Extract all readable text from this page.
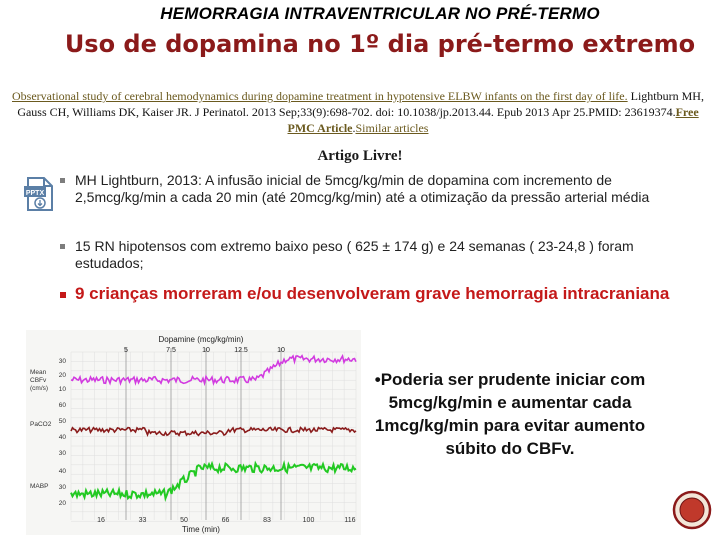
HEMORRAGIA INTRAVENTRICULAR NO PRÉ-TERMO
Uso de dopamina no 1º dia pré-termo extremo
Observational study of cerebral hemodynamics during dopamine treatment in hypotensive ELBW infants on the first day of life. Lightburn MH, Gauss CH, Williams DK, Kaiser JR. J Perinatol. 2013 Sep;33(9):698-702. doi: 10.1038/jp.2013.44. Epub 2013 Apr 25.PMID: 23619374.Free PMC Article.Similar articles
Artigo Livre!
PPTX
MH Lightburn, 2013: A infusão inicial de 5mcg/kg/min de dopamina com incremento de 2,5mcg/kg/min a cada 20 min (até 20mcg/kg/min) até a otimização da pressão arterial média
15 RN hipotensos com extremo baixo peso ( 625 ± 174 g) e 24 semanas ( 23-24,8 ) foram estudados;
9 crianças morreram e/ou desenvolveram grave hemorragia intracraniana
Dopamine (mcg/kg/min)
5	7.5	10	12.5	10
Mean
CBFv
(cm/s)
PaCO2
MABP
30
20
10
60
50
40
30
40
30
20
16	33	50	66	83	100	116
Time (min)
•Poderia ser prudente iniciar com 5mcg/kg/min e aumentar cada 1mcg/kg/min para evitar aumento súbito do CBFv.
